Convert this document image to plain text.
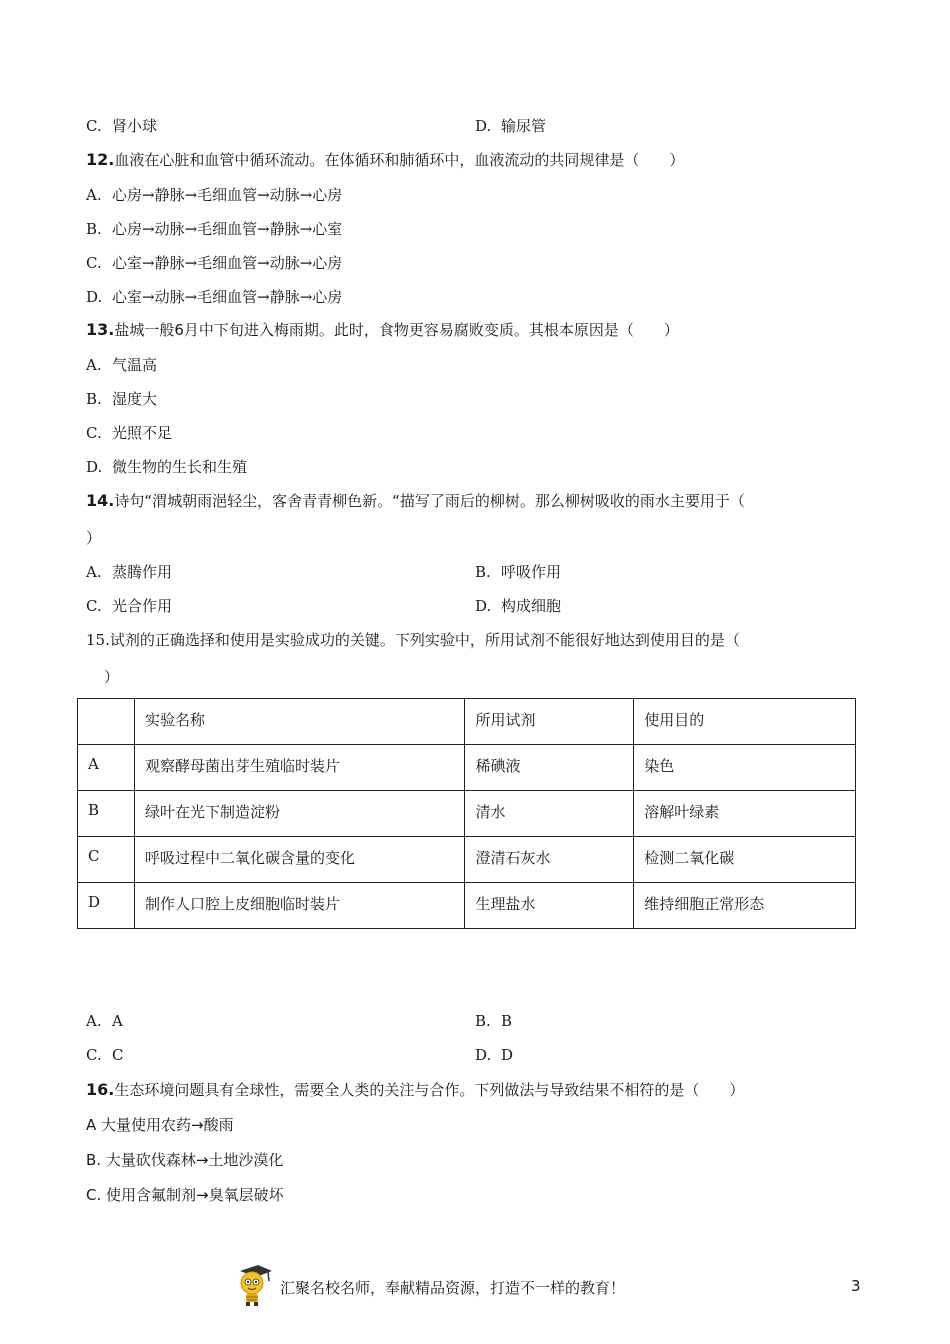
C. 肾小球	D. 输尿管
12.血液在心脏和血管中循环流动。在体循环和肺循环中，血液流动的共同规律是（　　）
A. 心房→静脉→毛细血管→动脉→心房
B. 心房→动脉→毛细血管→静脉→心室
C. 心室→静脉→毛细血管→动脉→心房
D. 心室→动脉→毛细血管→静脉→心房
13.盐城一般6月中下旬进入梅雨期。此时，食物更容易腐败变质。其根本原因是（　　）
A. 气温高
B. 湿度大
C. 光照不足
D. 微生物的生长和生殖
14.诗句“渭城朝雨浥轻尘，客舍青青柳色新。“描写了雨后的柳树。那么柳树吸收的雨水主要用于（
）
A. 蒸腾作用	B. 呼吸作用
C. 光合作用	D. 构成细胞
15.试剂的正确选择和使用是实验成功的关键。下列实验中，所用试剂不能很好地达到使用目的是（
）
	实验名称	所用试剂	使用目的
A	观察酵母菌出芽生殖临时装片	稀碘液	染色
B	绿叶在光下制造淀粉	清水	溶解叶绿素
C	呼吸过程中二氧化碳含量的变化	澄清石灰水	检测二氧化碳
D	制作人口腔上皮细胞临时装片	生理盐水	维持细胞正常形态
A. A	B. B
C. C	D. D
16.生态环境问题具有全球性，需要全人类的关注与合作。下列做法与导致结果不相符的是（　　）
A 大量使用农药→酸雨
B. 大量砍伐森林→土地沙漠化
C. 使用含氟制剂→臭氧层破坏
汇聚名校名师，奉献精品资源，打造不一样的教育！	3
